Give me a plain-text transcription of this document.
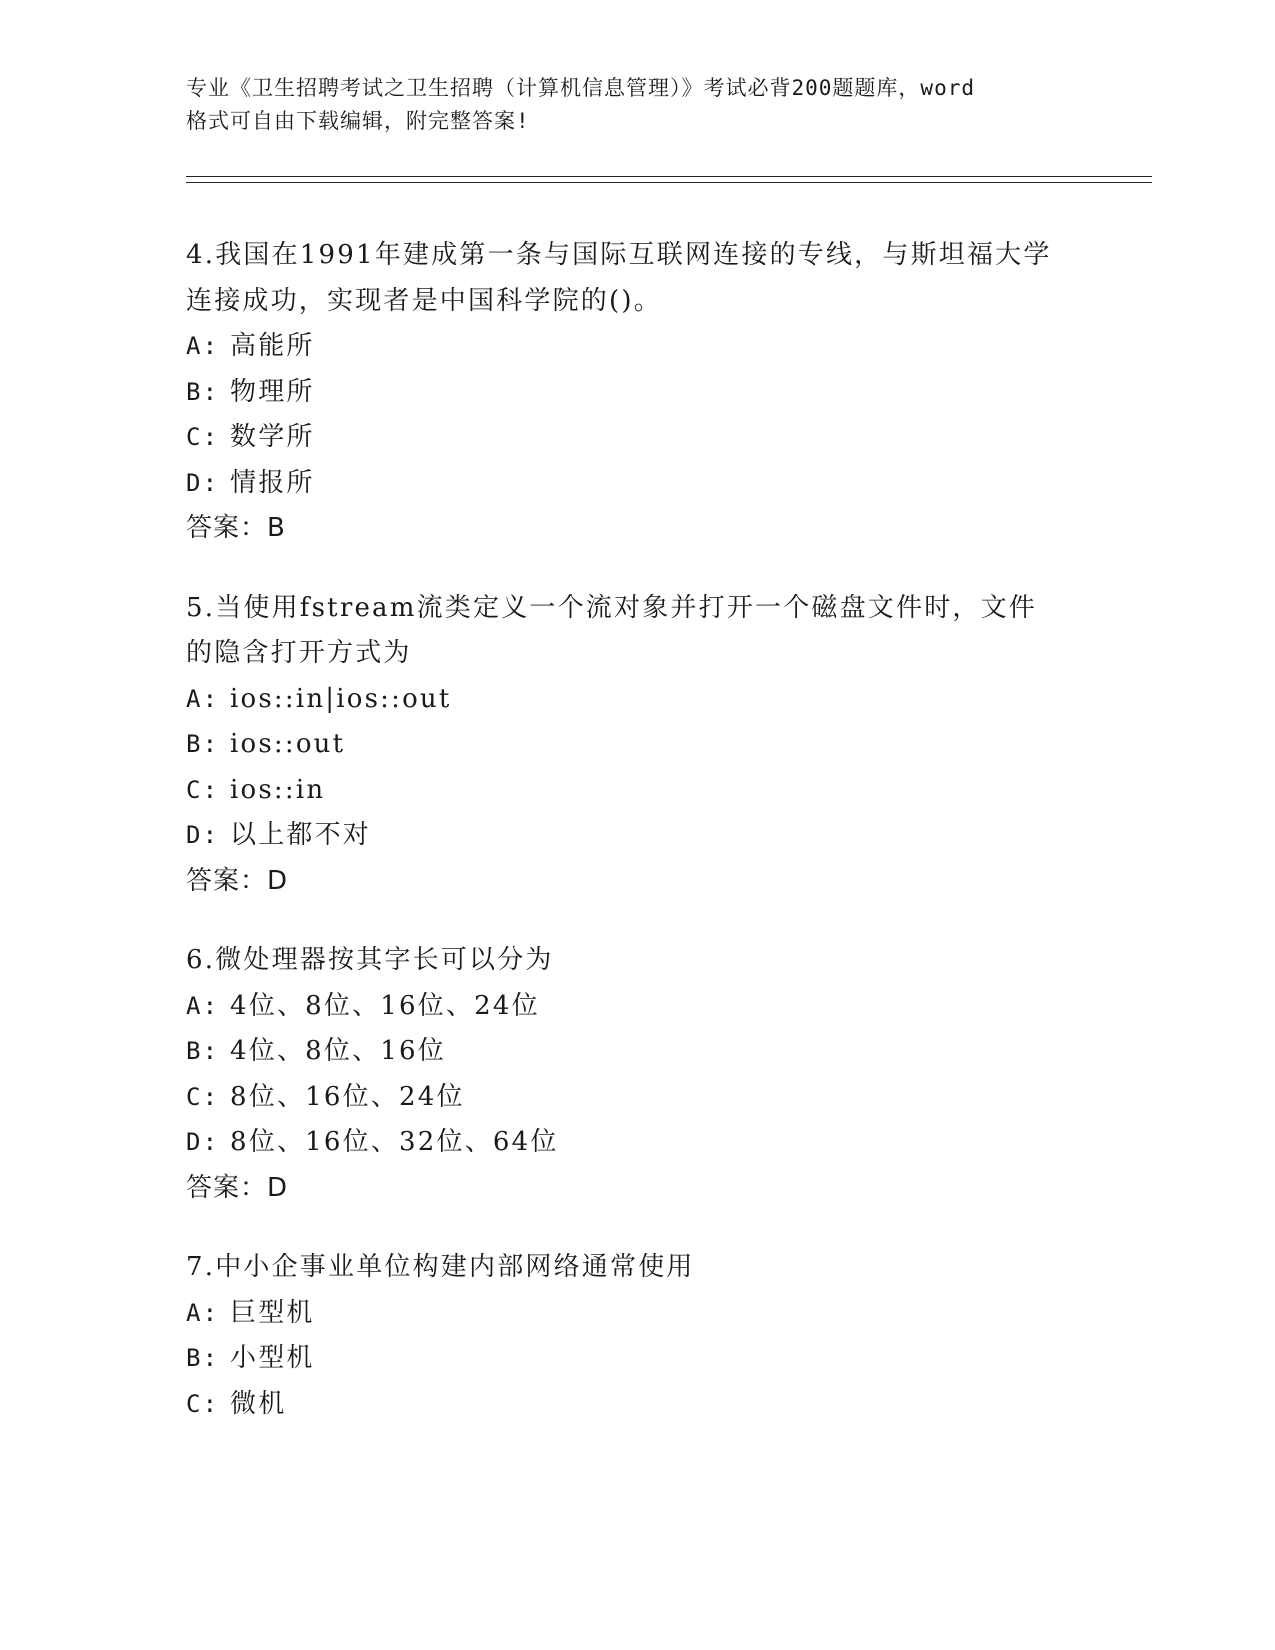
专业《卫生招聘考试之卫生招聘（计算机信息管理）》考试必背200题题库，word
格式可自由下载编辑，附完整答案!
4.我国在1991年建成第一条与国际互联网连接的专线，与斯坦福大学
连接成功，实现者是中国科学院的()。
A: 高能所
B: 物理所
C: 数学所
D: 情报所
答案：B
5.当使用fstream流类定义一个流对象并打开一个磁盘文件时，文件
的隐含打开方式为
A: ios::in|ios::out
B: ios::out
C: ios::in
D: 以上都不对
答案：D
6.微处理器按其字长可以分为
A: 4位、8位、16位、24位
B: 4位、8位、16位
C: 8位、16位、24位
D: 8位、16位、32位、64位
答案：D
7.中小企事业单位构建内部网络通常使用
A: 巨型机
B: 小型机
C: 微机
